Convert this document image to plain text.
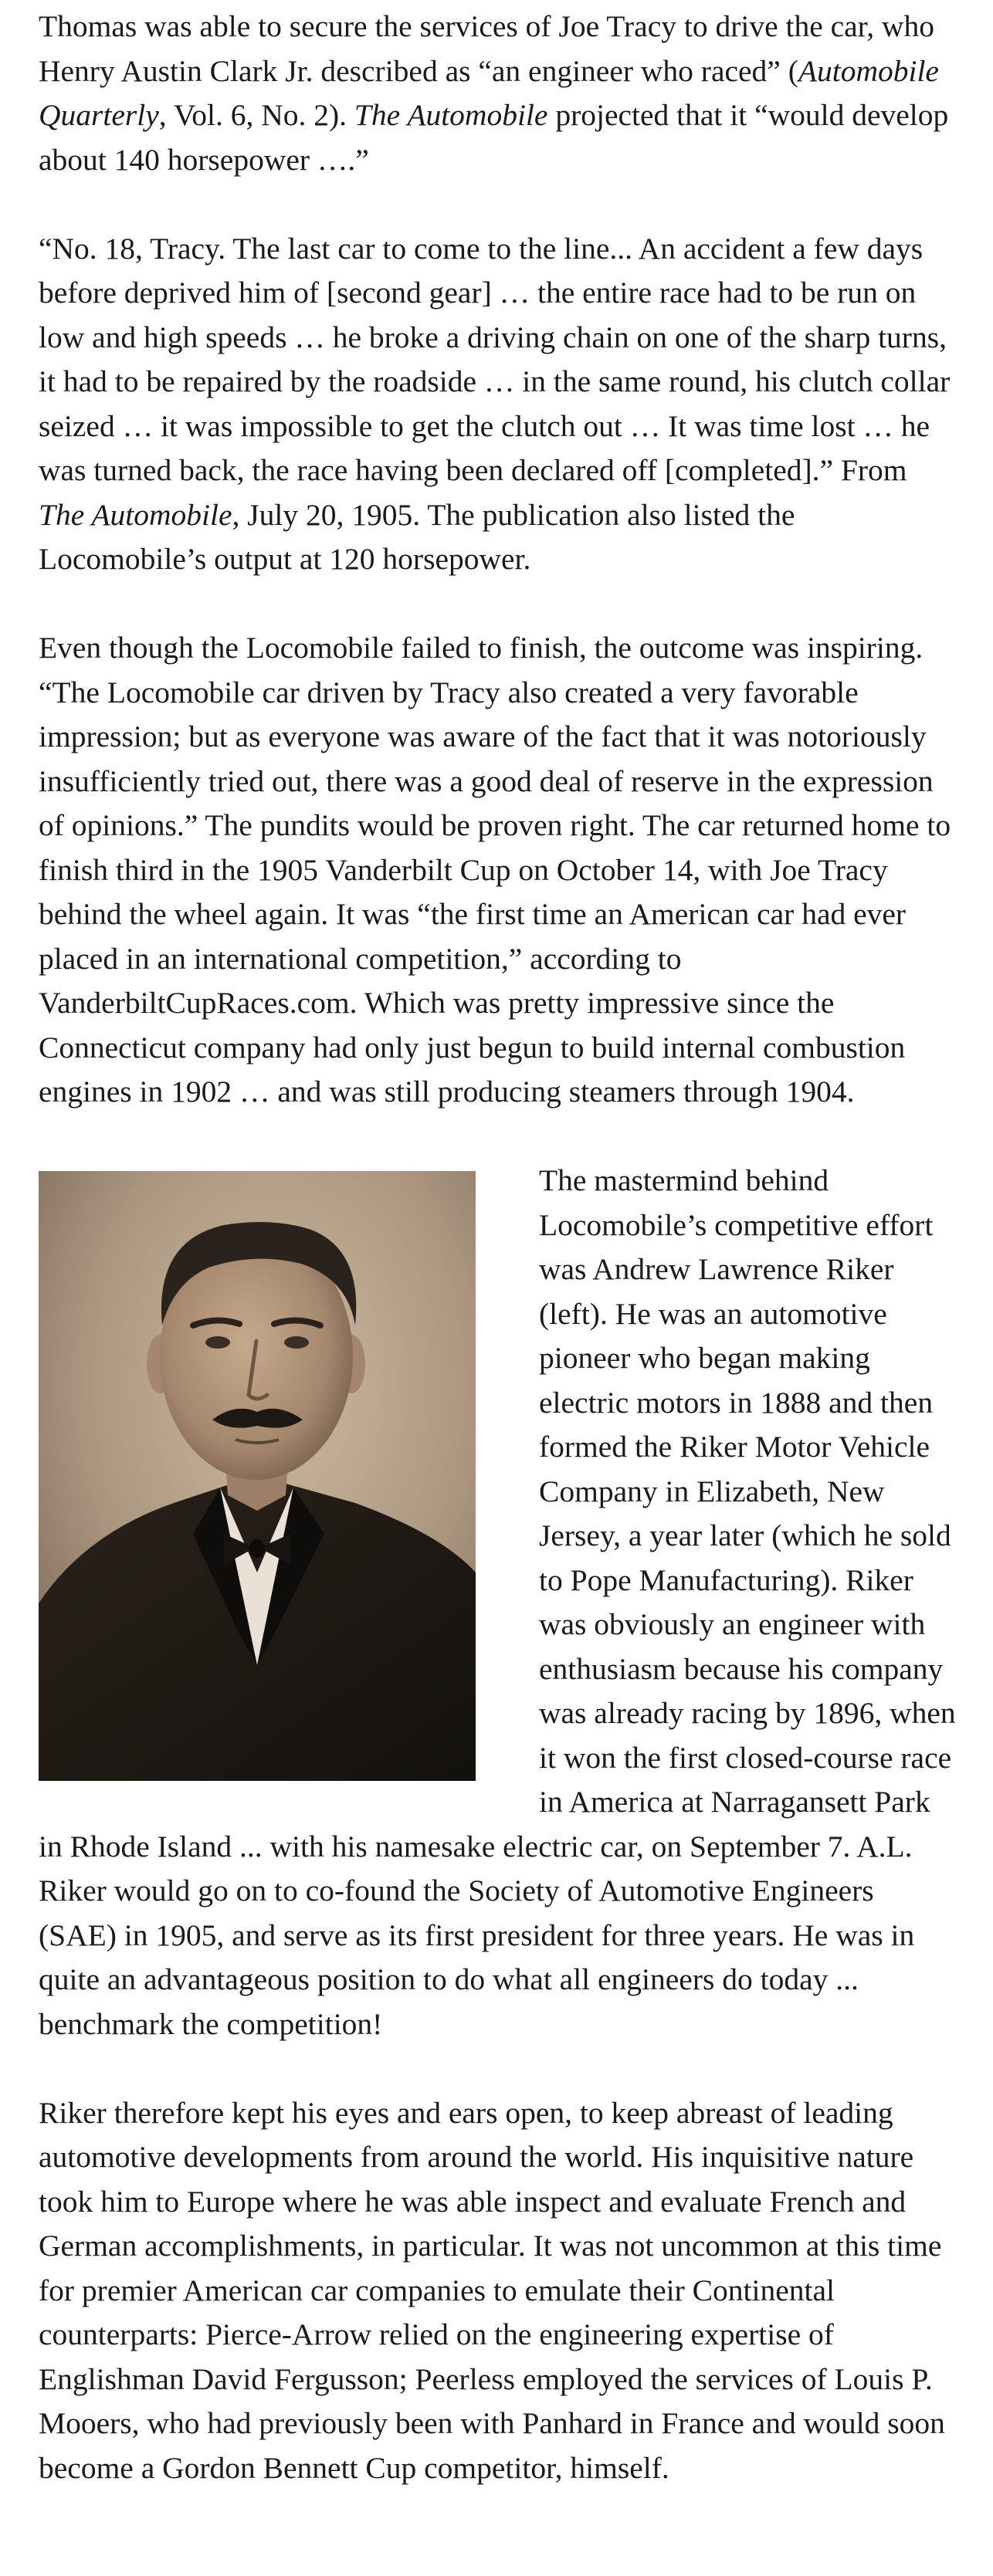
Thomas was able to secure the services of Joe Tracy to drive the car, who Henry Austin Clark Jr. described as “an engineer who raced” (Automobile Quarterly, Vol. 6, No. 2). The Automobile projected that it “would develop about 140 horsepower ….”

“No. 18, Tracy. The last car to come to the line... An accident a few days before deprived him of [second gear] … the entire race had to be run on low and high speeds … he broke a driving chain on one of the sharp turns, it had to be repaired by the roadside … in the same round, his clutch collar seized … it was impossible to get the clutch out … It was time lost … he was turned back, the race having been declared off [completed].” From The Automobile, July 20, 1905. The publication also listed the Locomobile’s output at 120 horsepower.

Even though the Locomobile failed to finish, the outcome was inspiring. “The Locomobile car driven by Tracy also created a very favorable impression; but as everyone was aware of the fact that it was notoriously insufficiently tried out, there was a good deal of reserve in the expression of opinions.” The pundits would be proven right. The car returned home to finish third in the 1905 Vanderbilt Cup on October 14, with Joe Tracy behind the wheel again. It was “the first time an American car had ever placed in an international competition,” according to VanderbiltCupRaces.com. Which was pretty impressive since the Connecticut company had only just begun to build internal combustion engines in 1902 … and was still producing steamers through 1904.

The mastermind behind Locomobile’s competitive effort was Andrew Lawrence Riker (left). He was an automotive pioneer who began making electric motors in 1888 and then formed the Riker Motor Vehicle Company in Elizabeth, New Jersey, a year later (which he sold to Pope Manufacturing). Riker was obviously an engineer with enthusiasm because his company was already racing by 1896, when it won the first closed-course race in America at Narragansett Park in Rhode Island ... with his namesake electric car, on September 7. A.L. Riker would go on to co-found the Society of Automotive Engineers (SAE) in 1905, and serve as its first president for three years. He was in quite an advantageous position to do what all engineers do today ... benchmark the competition!

Riker therefore kept his eyes and ears open, to keep abreast of leading automotive developments from around the world. His inquisitive nature took him to Europe where he was able inspect and evaluate French and German accomplishments, in particular. It was not uncommon at this time for premier American car companies to emulate their Continental counterparts: Pierce-Arrow relied on the engineering expertise of Englishman David Fergusson; Peerless employed the services of Louis P. Mooers, who had previously been with Panhard in France and would soon become a Gordon Bennett Cup competitor, himself.
